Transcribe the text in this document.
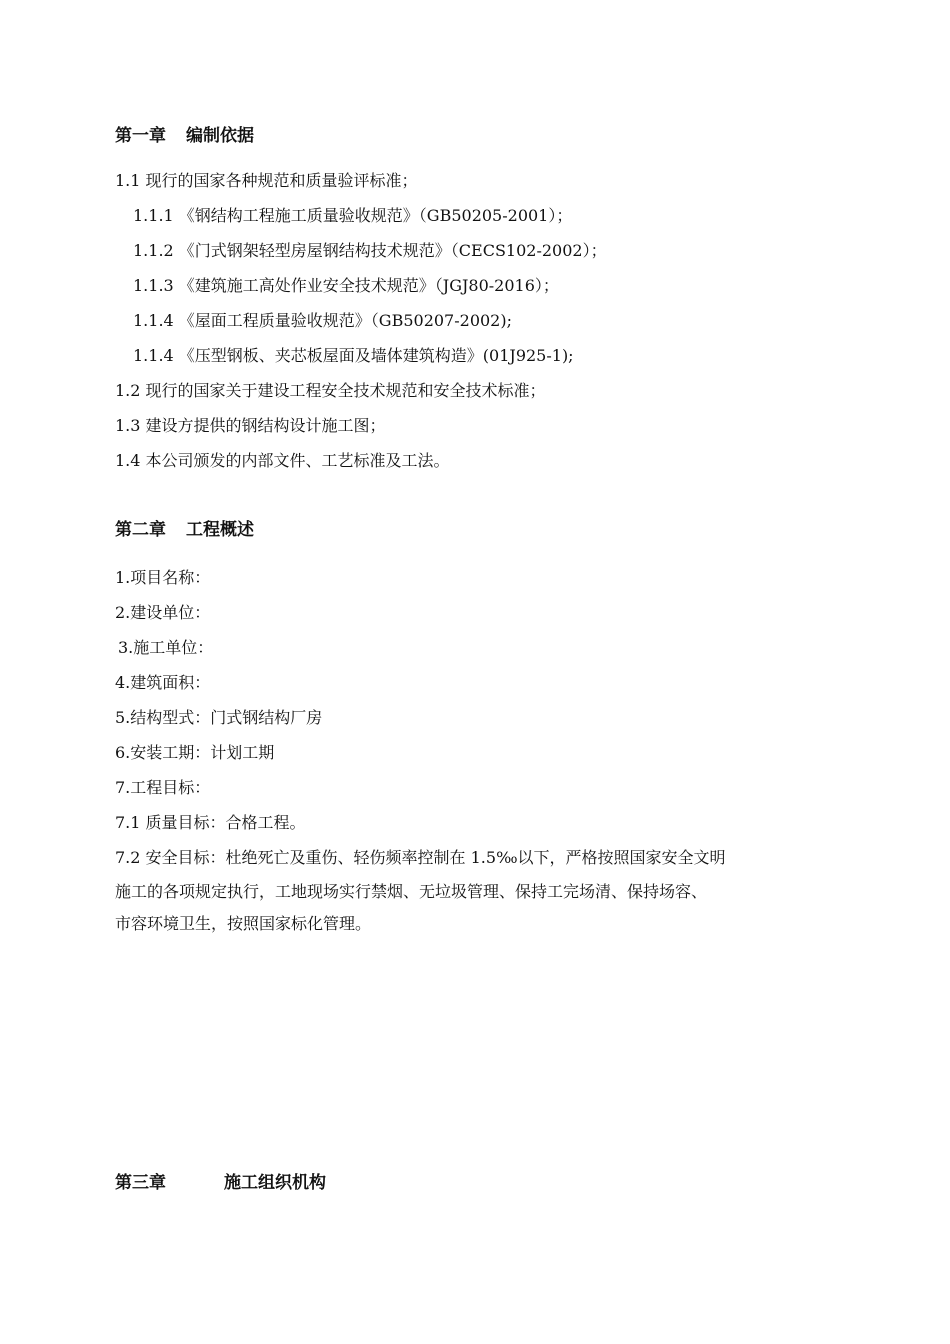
第一章 编制依据
1.1 现行的国家各种规范和质量验评标准；
1.1.1 《钢结构工程施工质量验收规范》（GB50205-2001）；
1.1.2 《门式钢架轻型房屋钢结构技术规范》（CECS102-2002）；
1.1.3 《建筑施工高处作业安全技术规范》（JGJ80-2016）；
1.1.4 《屋面工程质量验收规范》（GB50207-2002);
1.1.4 《压型钢板、夹芯板屋面及墙体建筑构造》(01J925-1);
1.2 现行的国家关于建设工程安全技术规范和安全技术标准；
1.3 建设方提供的钢结构设计施工图；
1.4 本公司颁发的内部文件、工艺标准及工法。
第二章 工程概述
1.项目名称：
2.建设单位：
3.施工单位：
4.建筑面积：
5.结构型式：门式钢结构厂房
6.安装工期：计划工期
7.工程目标：
7.1 质量目标：合格工程。
7.2 安全目标：杜绝死亡及重伤、轻伤频率控制在 1.5‰以下，严格按照国家安全文明
施工的各项规定执行，工地现场实行禁烟、无垃圾管理、保持工完场清、保持场容、
市容环境卫生，按照国家标化管理。
第三章	施工组织机构
